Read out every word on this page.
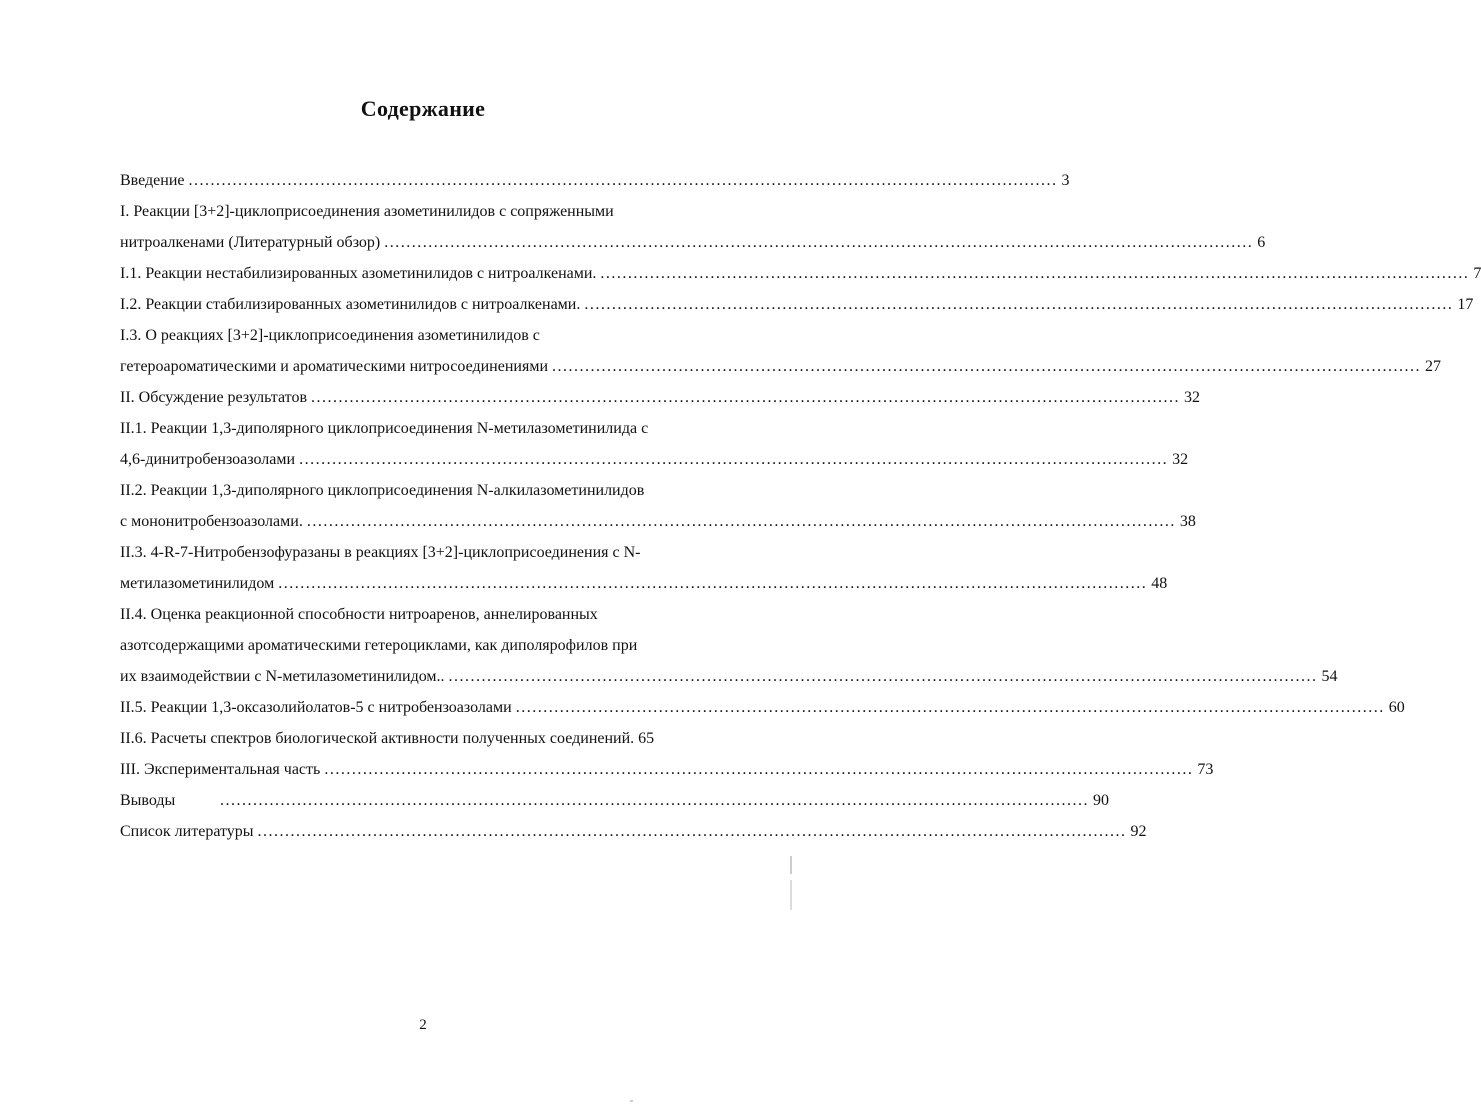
Содержание
Введение .............................................................................................................................................................. 3
I. Реакции [3+2]-циклоприсоединения азометинилидов с сопряженными
нитроалкенами (Литературный обзор) .............................................................................................................................................................. 6
I.1. Реакции нестабилизированных азометинилидов с нитроалкенами. .............................................................................................................................................................. 7
I.2. Реакции стабилизированных азометинилидов с нитроалкенами. .............................................................................................................................................................. 17
I.3. О реакциях [3+2]-циклоприсоединения азометинилидов с
гетероароматическими и ароматическими нитросоединениями .............................................................................................................................................................. 27
II. Обсуждение результатов .............................................................................................................................................................. 32
II.1. Реакции 1,3-диполярного циклоприсоединения N-метилазометинилида с
4,6-динитробензоазолами .............................................................................................................................................................. 32
II.2. Реакции 1,3-диполярного циклоприсоединения N-алкилазометинилидов
с мононитробензоазолами. .............................................................................................................................................................. 38
II.3. 4-R-7-Нитробензофуразаны в реакциях [3+2]-циклоприсоединения с N-
метилазометинилидом .............................................................................................................................................................. 48
II.4. Оценка реакционной способности нитроаренов, аннелированных
азотсодержащими ароматическими гетероциклами, как диполярофилов при
их взаимодействии с N-метилазометинилидом.. .............................................................................................................................................................. 54
II.5. Реакции 1,3-оксазолийолатов-5 с нитробензоазолами .............................................................................................................................................................. 60
II.6. Расчеты спектров биологической активности полученных соединений. 65
III. Экспериментальная часть .............................................................................................................................................................. 73
Выводы	.............................................................................................................................................................. 90
Список литературы .............................................................................................................................................................. 92
2
